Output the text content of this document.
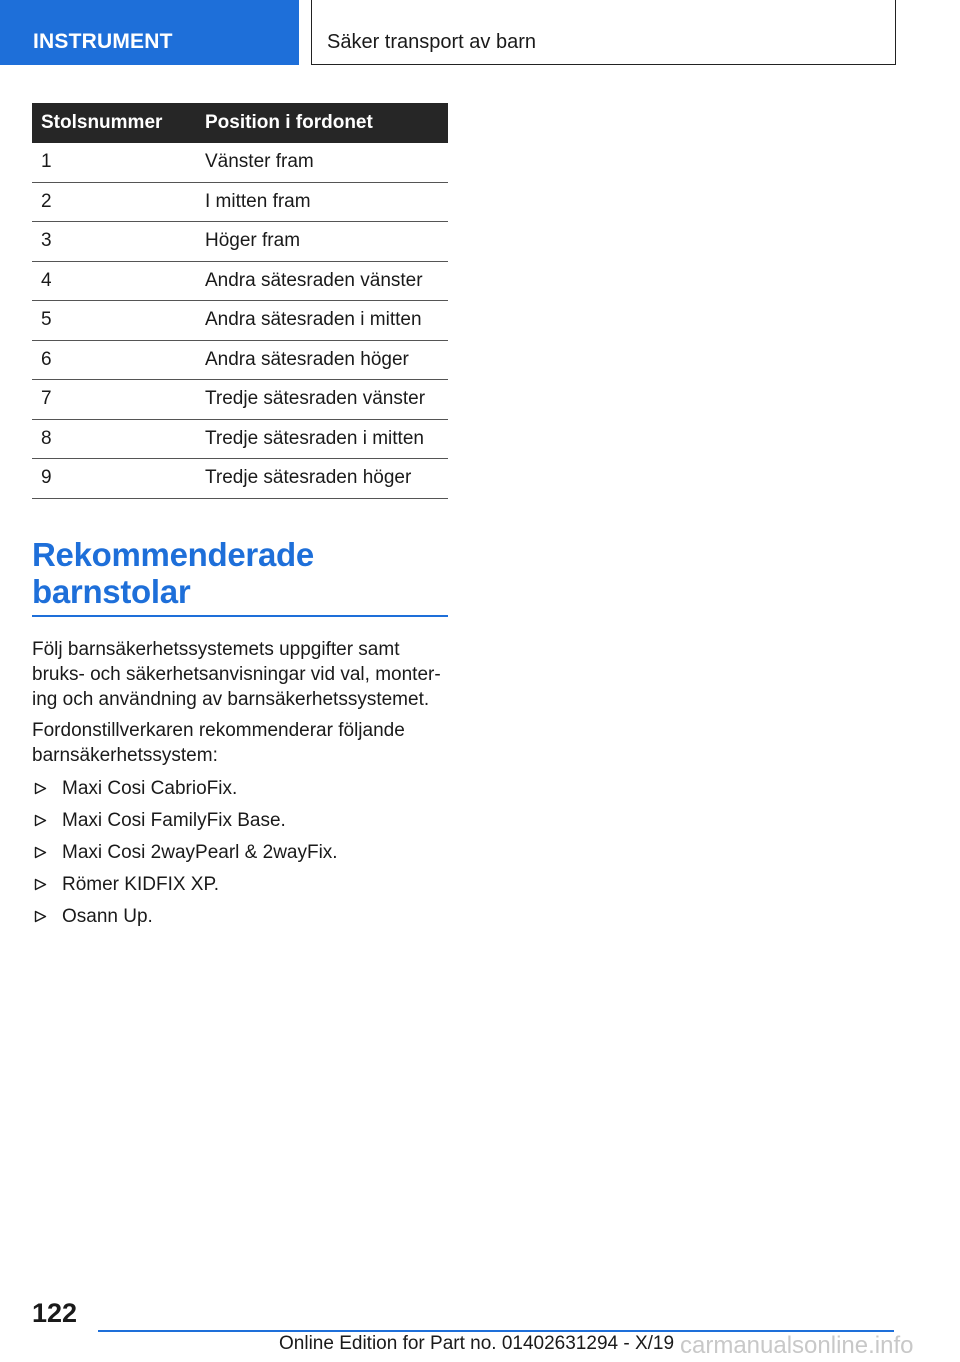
INSTRUMENT	Säker transport av barn
Stolsnummer	Position i fordonet
1	Vänster fram
2	I mitten fram
3	Höger fram
4	Andra sätesraden vänster
5	Andra sätesraden i mitten
6	Andra sätesraden höger
7	Tredje sätesraden vänster
8	Tredje sätesraden i mitten
9	Tredje sätesraden höger
Rekommenderade
barnstolar

Följ barnsäkerhetssystemets uppgifter samt bruks- och säkerhetsanvisningar vid val, montering och användning av barnsäkerhetssystemet.

Fordonstillverkaren rekommenderar följande barnsäkerhetssystem:

Maxi Cosi CabrioFix.
Maxi Cosi FamilyFix Base.
Maxi Cosi 2wayPearl & 2wayFix.
Römer KIDFIX XP.
Osann Up.
122
Online Edition for Part no. 01402631294 - X/19 carmanualsonline.info
